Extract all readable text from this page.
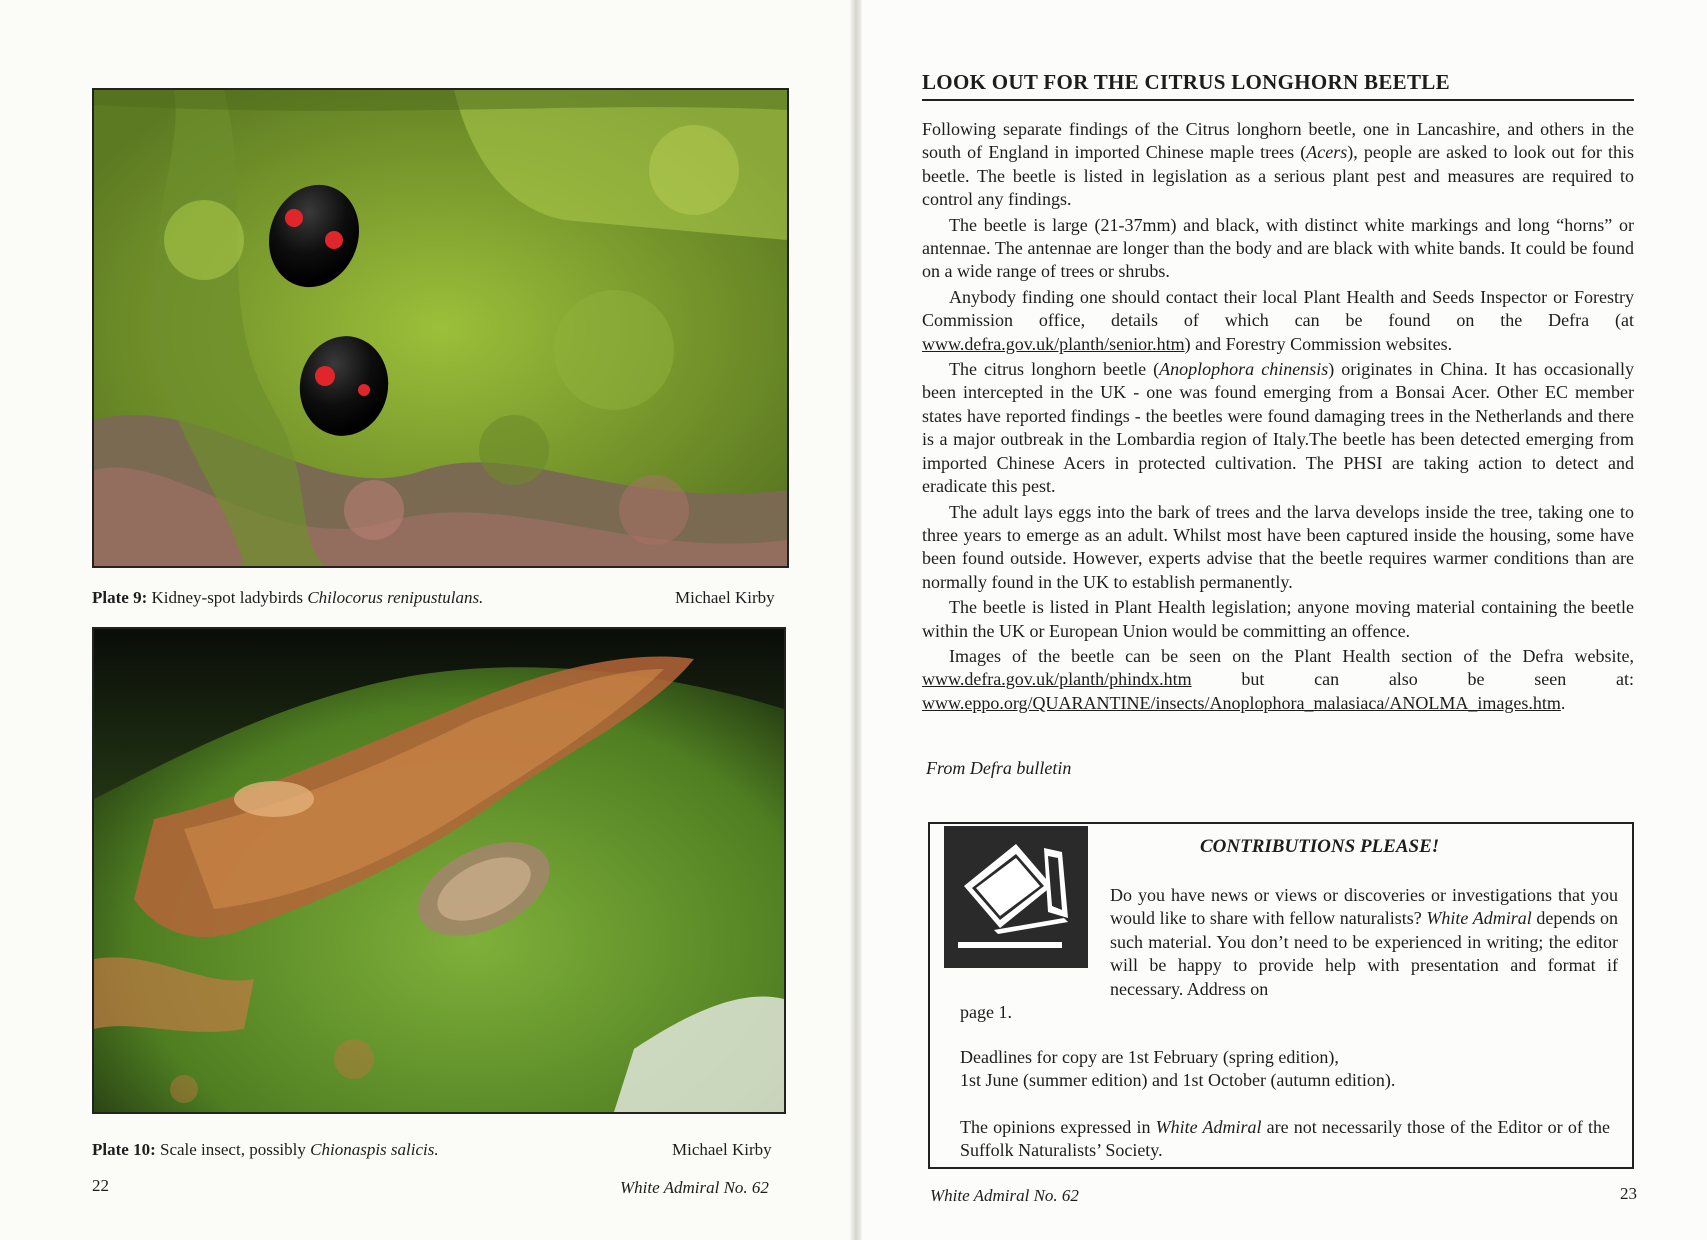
Plate 9: Kidney-spot ladybirds Chilocorus renipustulans.	Michael Kirby
Plate 10: Scale insect, possibly Chionaspis salicis.	Michael Kirby
22	White Admiral No. 62
LOOK OUT FOR THE CITRUS LONGHORN BEETLE

Following separate findings of the Citrus longhorn beetle, one in Lancashire, and others in the south of England in imported Chinese maple trees (Acers), people are asked to look out for this beetle. The beetle is listed in legislation as a serious plant pest and measures are required to control any findings.

The beetle is large (21-37mm) and black, with distinct white markings and long “horns” or antennae. The antennae are longer than the body and are black with white bands. It could be found on a wide range of trees or shrubs.

Anybody finding one should contact their local Plant Health and Seeds Inspector or Forestry Commission office, details of which can be found on the Defra (at www.defra.gov.uk/planth/senior.htm) and Forestry Commission websites.

The citrus longhorn beetle (Anoplophora chinensis) originates in China. It has occasionally been intercepted in the UK - one was found emerging from a Bonsai Acer. Other EC member states have reported findings - the beetles were found damaging trees in the Netherlands and there is a major outbreak in the Lombardia region of Italy.The beetle has been detected emerging from imported Chinese Acers in protected cultivation. The PHSI are taking action to detect and eradicate this pest.

The adult lays eggs into the bark of trees and the larva develops inside the tree, taking one to three years to emerge as an adult. Whilst most have been captured inside the housing, some have been found outside. However, experts advise that the beetle requires warmer conditions than are normally found in the UK to establish permanently.

The beetle is listed in Plant Health legislation; anyone moving material containing the beetle within the UK or European Union would be committing an offence.

Images of the beetle can be seen on the Plant Health section of the Defra website, www.defra.gov.uk/planth/phindx.htm but can also be seen at: www.eppo.org/QUARANTINE/insects/Anoplophora_malasiaca/ANOLMA_images.htm.

From Defra bulletin
CONTRIBUTIONS PLEASE!
Do you have news or views or discoveries or investigations that you would like to share with fellow naturalists? White Admiral depends on such material. You don’t need to be experienced in writing; the editor will be happy to provide help with presentation and format if necessary. Address on
page 1.
Deadlines for copy are 1st February (spring edition),
1st June (summer edition) and 1st October (autumn edition).
The opinions expressed in White Admiral are not necessarily those of the Editor or of the Suffolk Naturalists’ Society.
White Admiral No. 62	23
